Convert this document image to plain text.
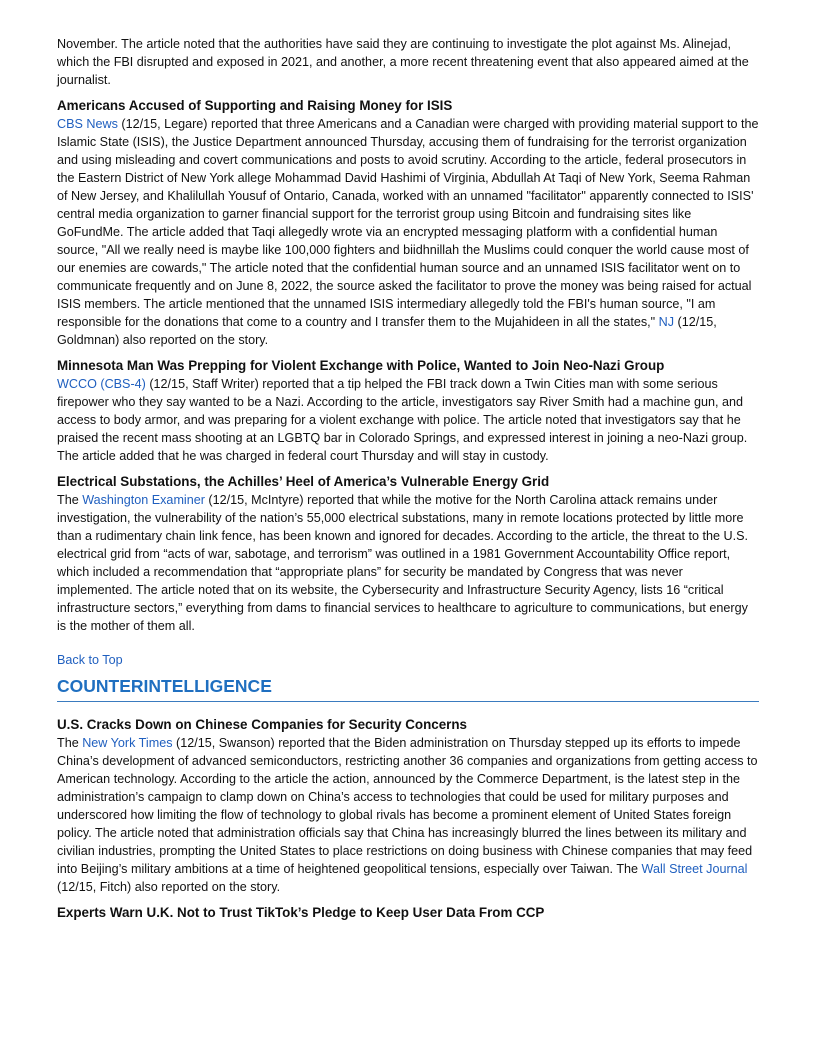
November. The article noted that the authorities have said they are continuing to investigate the plot against Ms. Alinejad, which the FBI disrupted and exposed in 2021, and another, a more recent threatening event that also appeared aimed at the journalist.

Americans Accused of Supporting and Raising Money for ISIS

CBS News (12/15, Legare) reported that three Americans and a Canadian were charged with providing material support to the Islamic State (ISIS), the Justice Department announced Thursday, accusing them of fundraising for the terrorist organization and using misleading and covert communications and posts to avoid scrutiny. According to the article, federal prosecutors in the Eastern District of New York allege Mohammad David Hashimi of Virginia, Abdullah At Taqi of New York, Seema Rahman of New Jersey, and Khalilullah Yousuf of Ontario, Canada, worked with an unnamed "facilitator" apparently connected to ISIS' central media organization to garner financial support for the terrorist group using Bitcoin and fundraising sites like GoFundMe. The article added that Taqi allegedly wrote via an encrypted messaging platform with a confidential human source, "All we really need is maybe like 100,000 fighters and biidhnillah the Muslims could conquer the world cause most of our enemies are cowards," The article noted that the confidential human source and an unnamed ISIS facilitator went on to communicate frequently and on June 8, 2022, the source asked the facilitator to prove the money was being raised for actual ISIS members. The article mentioned that the unnamed ISIS intermediary allegedly told the FBI's human source, "I am responsible for the donations that come to a country and I transfer them to the Mujahideen in all the states," NJ (12/15, Goldmnan) also reported on the story.

Minnesota Man Was Prepping for Violent Exchange with Police, Wanted to Join Neo-Nazi Group

WCCO (CBS-4) (12/15, Staff Writer) reported that a tip helped the FBI track down a Twin Cities man with some serious firepower who they say wanted to be a Nazi. According to the article, investigators say River Smith had a machine gun, and access to body armor, and was preparing for a violent exchange with police. The article noted that investigators say that he praised the recent mass shooting at an LGBTQ bar in Colorado Springs, and expressed interest in joining a neo-Nazi group. The article added that he was charged in federal court Thursday and will stay in custody.

Electrical Substations, the Achilles’ Heel of America’s Vulnerable Energy Grid

The Washington Examiner (12/15, McIntyre) reported that while the motive for the North Carolina attack remains under investigation, the vulnerability of the nation’s 55,000 electrical substations, many in remote locations protected by little more than a rudimentary chain link fence, has been known and ignored for decades. According to the article, the threat to the U.S. electrical grid from “acts of war, sabotage, and terrorism” was outlined in a 1981 Government Accountability Office report, which included a recommendation that “appropriate plans” for security be mandated by Congress that was never implemented. The article noted that on its website, the Cybersecurity and Infrastructure Security Agency, lists 16 “critical infrastructure sectors,” everything from dams to financial services to healthcare to agriculture to communications, but energy is the mother of them all.

Back to Top
COUNTERINTELLIGENCE
U.S. Cracks Down on Chinese Companies for Security Concerns

The New York Times (12/15, Swanson) reported that the Biden administration on Thursday stepped up its efforts to impede China’s development of advanced semiconductors, restricting another 36 companies and organizations from getting access to American technology. According to the article the action, announced by the Commerce Department, is the latest step in the administration’s campaign to clamp down on China’s access to technologies that could be used for military purposes and underscored how limiting the flow of technology to global rivals has become a prominent element of United States foreign policy. The article noted that administration officials say that China has increasingly blurred the lines between its military and civilian industries, prompting the United States to place restrictions on doing business with Chinese companies that may feed into Beijing’s military ambitions at a time of heightened geopolitical tensions, especially over Taiwan. The Wall Street Journal (12/15, Fitch) also reported on the story.

Experts Warn U.K. Not to Trust TikTok’s Pledge to Keep User Data From CCP
